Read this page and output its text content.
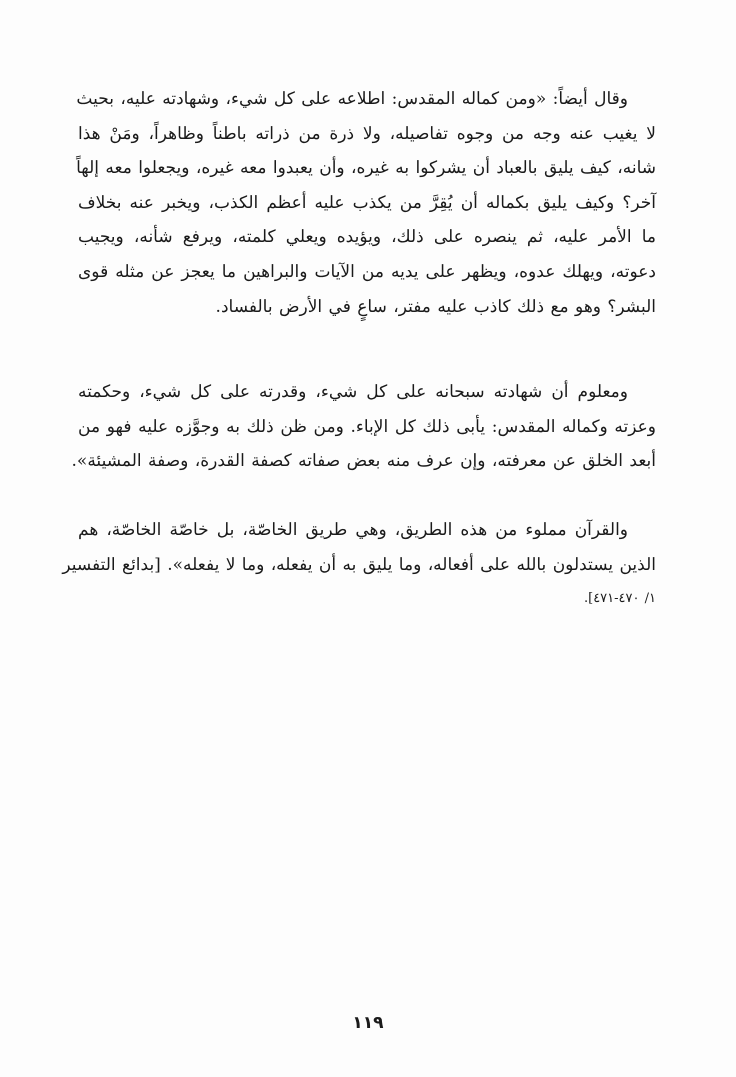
وقال أيضاً: «ومن كماله المقدس: اطلاعه على كل شيء، وشهادته عليه، بحيث
لا يغيب عنه وجه من وجوه تفاصيله، ولا ذرة من ذراته باطناً وظاهراً، ومَنْ هذا
شانه، كيف يليق بالعباد أن يشركوا به غيره، وأن يعبدوا معه غيره، ويجعلوا معه إلهاً
آخر؟ وكيف يليق بكماله أن يُقِرَّ من يكذب عليه أعظم الكذب، ويخبر عنه بخلاف
ما الأمر عليه، ثم ينصره على ذلك، ويؤيده ويعلي كلمته، ويرفع شأنه، ويجيب
دعوته، ويهلك عدوه، ويظهر على يديه من الآيات والبراهين ما يعجز عن مثله قوى
البشر؟ وهو مع ذلك كاذب عليه مفتر، ساعٍ في الأرض بالفساد.
ومعلوم أن شهادته سبحانه على كل شيء، وقدرته على كل شيء، وحكمته
وعزته وكماله المقدس: يأبى ذلك كل الإباء. ومن ظن ذلك به وجوَّزه عليه فهو من
أبعد الخلق عن معرفته، وإن عرف منه بعض صفاته كصفة القدرة، وصفة المشيئة».
والقرآن مملوء من هذه الطريق، وهي طريق الخاصّة، بل خاصّة الخاصّة، هم
الذين يستدلون بالله على أفعاله، وما يليق به أن يفعله، وما لا يفعله». [بدائع التفسير
١/ ٤٧٠-٤٧١].
١١٩
